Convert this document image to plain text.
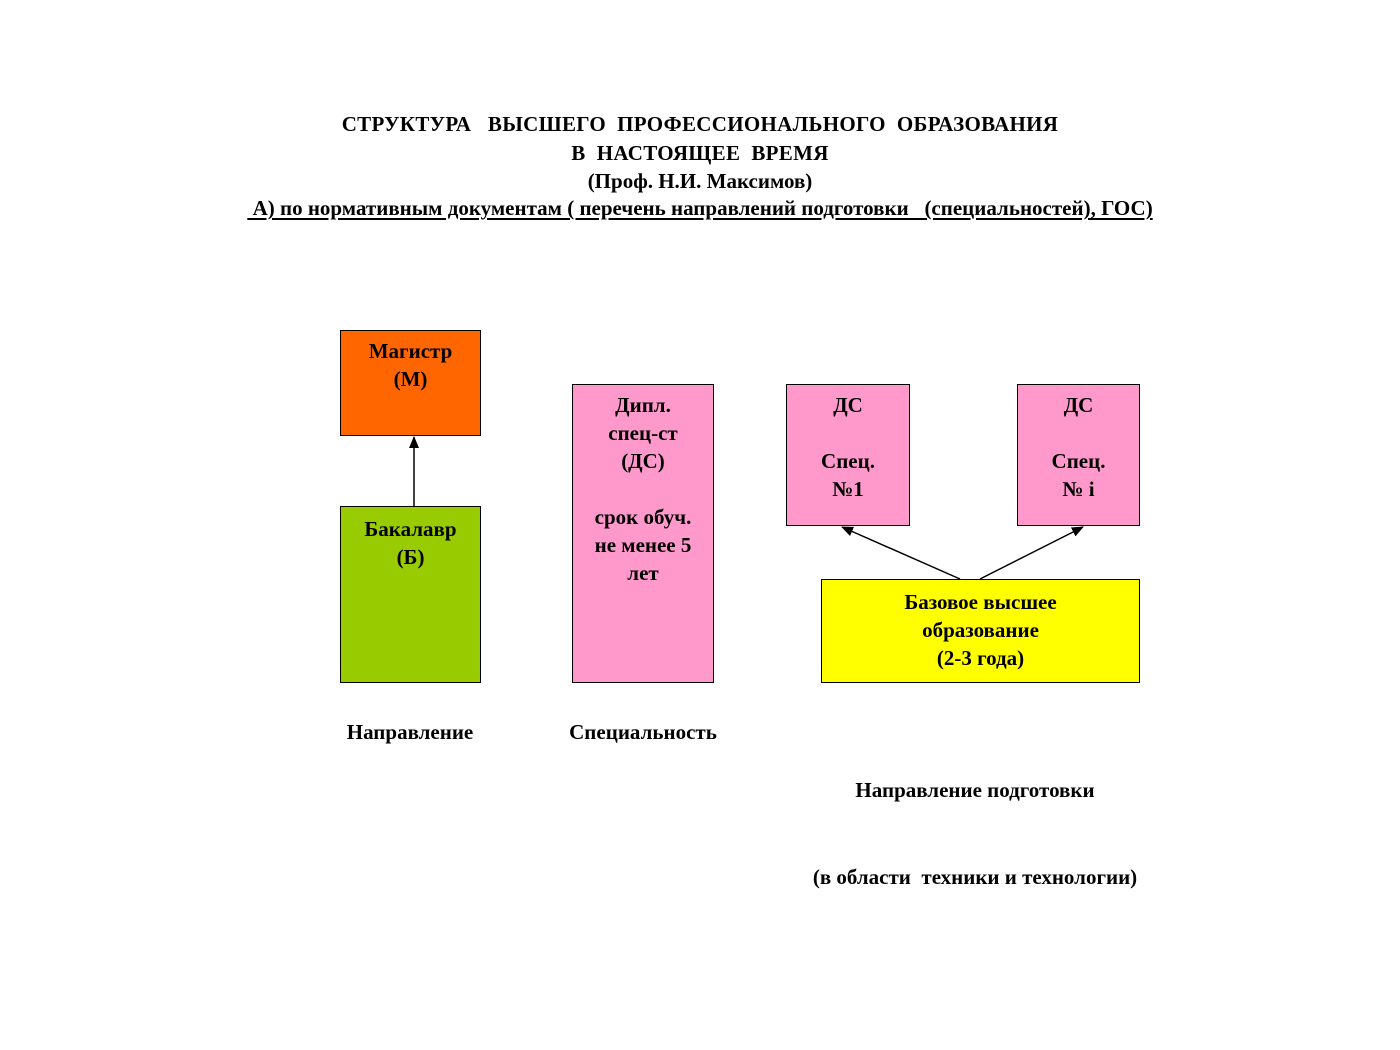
СТРУКТУРА   ВЫСШЕГО  ПРОФЕССИОНАЛЬНОГО  ОБРАЗОВАНИЯ
В  НАСТОЯЩЕЕ  ВРЕМЯ
(Проф. Н.И. Максимов)
А) по нормативным документам ( перечень направлений подготовки   (специальностей), ГОС)
Магистр
(М)
Бакалавр
(Б)
Дипл.
спец-ст
(ДС)
срок обуч.
не менее 5
лет
ДС
Спец.
№1
ДС
Спец.
№ i
Базовое высшее
образование
(2-3 года)
Направление	Специальность

Направление подготовки

(в области  техники и технологии)
